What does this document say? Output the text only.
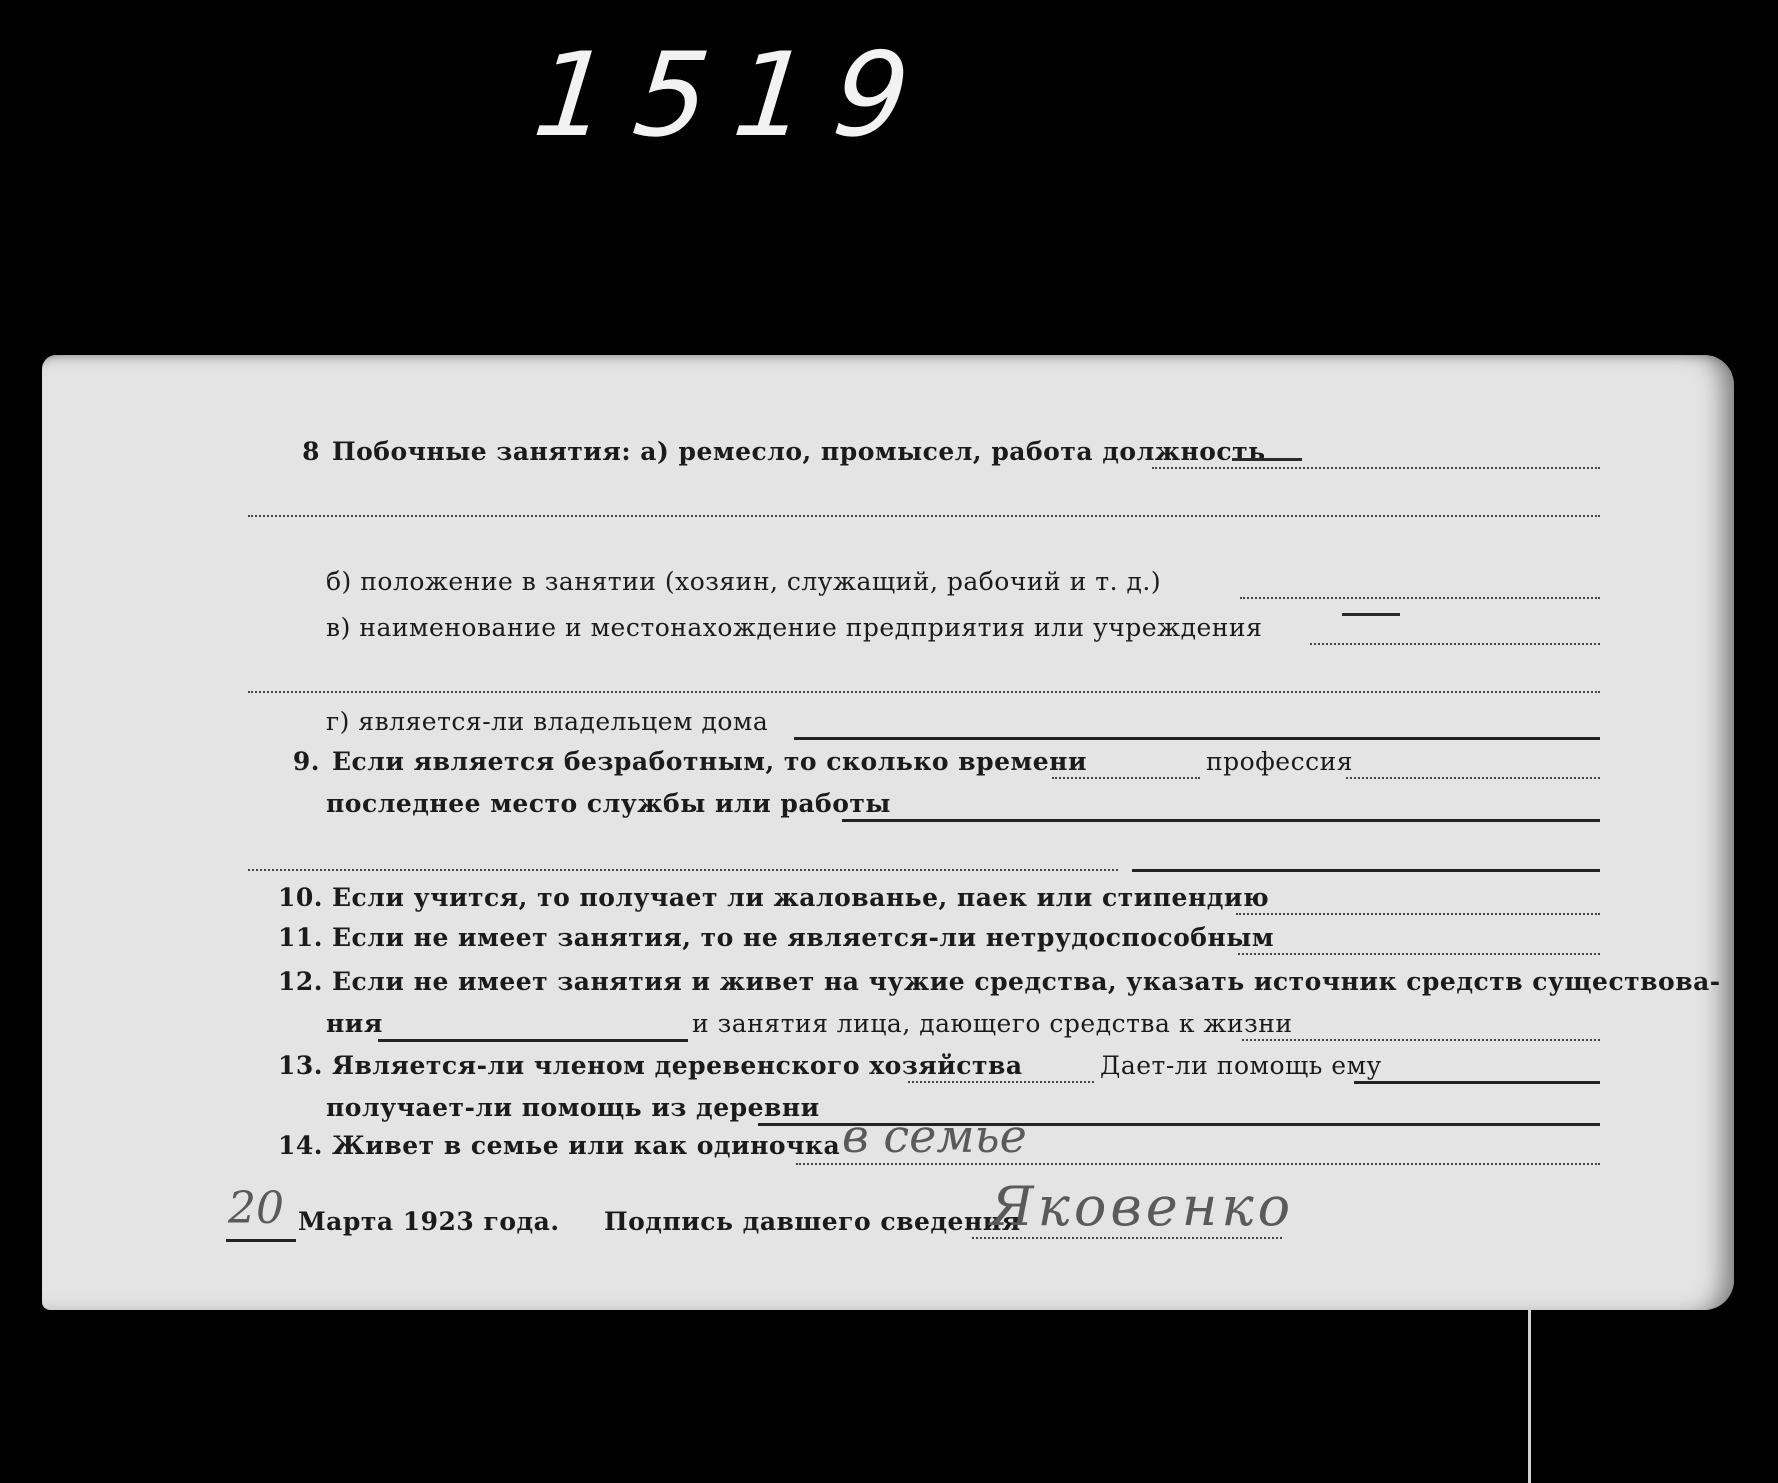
1519
8 Побочные занятия: а) ремесло, промысел, работа должность
б) положение в занятии (хозяин, служащий, рабочий и т. д.)
в) наименование и местонахождение предприятия или учреждения
г) является-ли владельцем дома
9. Если является безработным, то сколько времени	профессия
последнее место службы или работы
10. Если учится, то получает ли жалованье, паек или стипендию
11. Если не имеет занятия, то не является-ли нетрудоспособным
12. Если не имеет занятия и живет на чужие средства, указать источник средств существова-
ния	и занятия лица, дающего средства к жизни
13. Является-ли членом деревенского хозяйства	Дает-ли помощь ему
получает-ли помощь из деревни
14. Живет в семье или как одиночка в семье
20 Марта 1923 года. Подпись давшего сведения
Яковенко
